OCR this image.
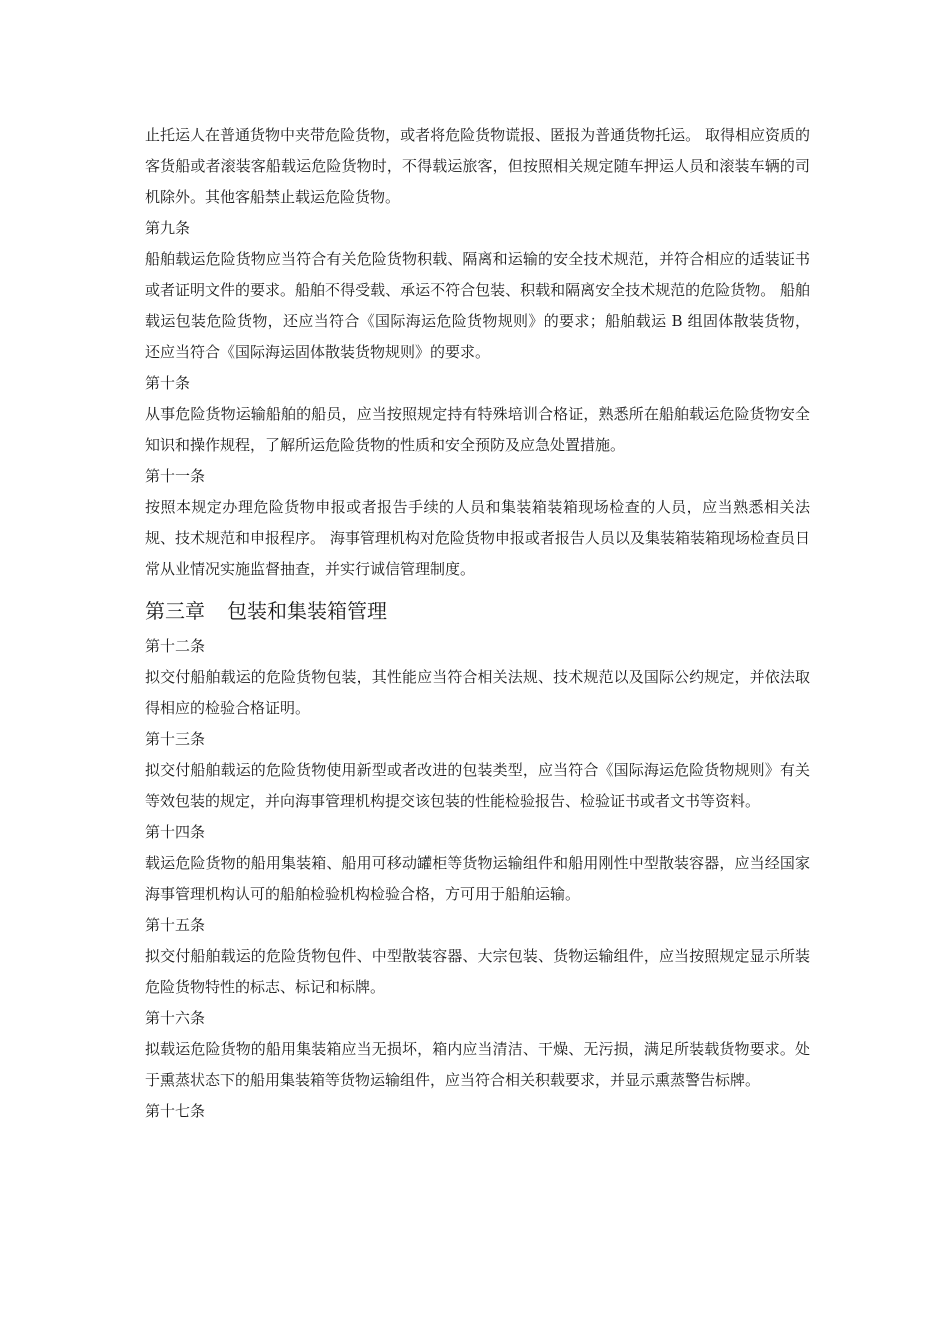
止托运人在普通货物中夹带危险货物，或者将危险货物谎报、匿报为普通货物托运。 取得相应资质的客货船或者滚装客船载运危险货物时，不得载运旅客，但按照相关规定随车押运人员和滚装车辆的司机除外。其他客船禁止载运危险货物。

第九条

船舶载运危险货物应当符合有关危险货物积载、隔离和运输的安全技术规范，并符合相应的适装证书或者证明文件的要求。船舶不得受载、承运不符合包装、积载和隔离安全技术规范的危险货物。 船舶载运包装危险货物，还应当符合《国际海运危险货物规则》的要求；船舶载运 B 组固体散装货物，还应当符合《国际海运固体散装货物规则》的要求。

第十条

从事危险货物运输船舶的船员，应当按照规定持有特殊培训合格证，熟悉所在船舶载运危险货物安全知识和操作规程，了解所运危险货物的性质和安全预防及应急处置措施。

第十一条

按照本规定办理危险货物申报或者报告手续的人员和集装箱装箱现场检查的人员，应当熟悉相关法规、技术规范和申报程序。 海事管理机构对危险货物申报或者报告人员以及集装箱装箱现场检查员日常从业情况实施监督抽查，并实行诚信管理制度。

第三章 包装和集装箱管理

第十二条

拟交付船舶载运的危险货物包装，其性能应当符合相关法规、技术规范以及国际公约规定，并依法取得相应的检验合格证明。

第十三条

拟交付船舶载运的危险货物使用新型或者改进的包装类型，应当符合《国际海运危险货物规则》有关等效包装的规定，并向海事管理机构提交该包装的性能检验报告、检验证书或者文书等资料。

第十四条

载运危险货物的船用集装箱、船用可移动罐柜等货物运输组件和船用刚性中型散装容器，应当经国家海事管理机构认可的船舶检验机构检验合格，方可用于船舶运输。

第十五条

拟交付船舶载运的危险货物包件、中型散装容器、大宗包装、货物运输组件，应当按照规定显示所装危险货物特性的标志、标记和标牌。

第十六条

拟载运危险货物的船用集装箱应当无损坏，箱内应当清洁、干燥、无污损，满足所装载货物要求。处于熏蒸状态下的船用集装箱等货物运输组件，应当符合相关积载要求，并显示熏蒸警告标牌。

第十七条
